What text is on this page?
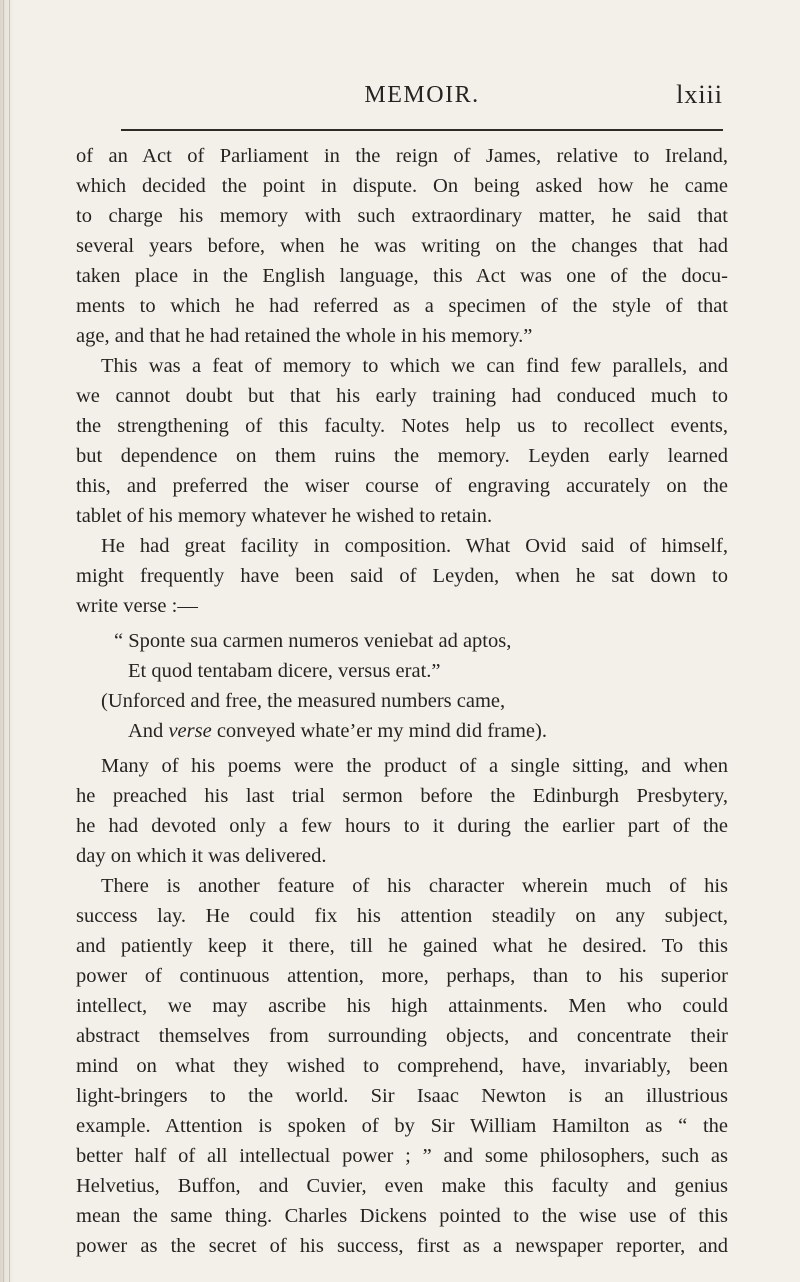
MEMOIR.	lxiii
of an Act of Parliament in the reign of James, relative to Ireland,
which decided the point in dispute. On being asked how he came
to charge his memory with such extraordinary matter, he said that
several years before, when he was writing on the changes that had
taken place in the English language, this Act was one of the docu-
ments to which he had referred as a specimen of the style of that
age, and that he had retained the whole in his memory.”
This was a feat of memory to which we can find few parallels, and
we cannot doubt but that his early training had conduced much to
the strengthening of this faculty. Notes help us to recollect events,
but dependence on them ruins the memory. Leyden early learned
this, and preferred the wiser course of engraving accurately on the
tablet of his memory whatever he wished to retain.
He had great facility in composition. What Ovid said of himself,
might frequently have been said of Leyden, when he sat down to
write verse :—
“ Sponte sua carmen numeros veniebat ad aptos,
Et quod tentabam dicere, versus erat.”
(Unforced and free, the measured numbers came,
And verse conveyed whate’er my mind did frame).
Many of his poems were the product of a single sitting, and when
he preached his last trial sermon before the Edinburgh Presbytery,
he had devoted only a few hours to it during the earlier part of the
day on which it was delivered.
There is another feature of his character wherein much of his
success lay. He could fix his attention steadily on any subject,
and patiently keep it there, till he gained what he desired. To this
power of continuous attention, more, perhaps, than to his superior
intellect, we may ascribe his high attainments. Men who could
abstract themselves from surrounding objects, and concentrate their
mind on what they wished to comprehend, have, invariably, been
light-bringers to the world. Sir Isaac Newton is an illustrious
example. Attention is spoken of by Sir William Hamilton as “ the
better half of all intellectual power ; ” and some philosophers, such as
Helvetius, Buffon, and Cuvier, even make this faculty and genius
mean the same thing. Charles Dickens pointed to the wise use of this
power as the secret of his success, first as a newspaper reporter, and
